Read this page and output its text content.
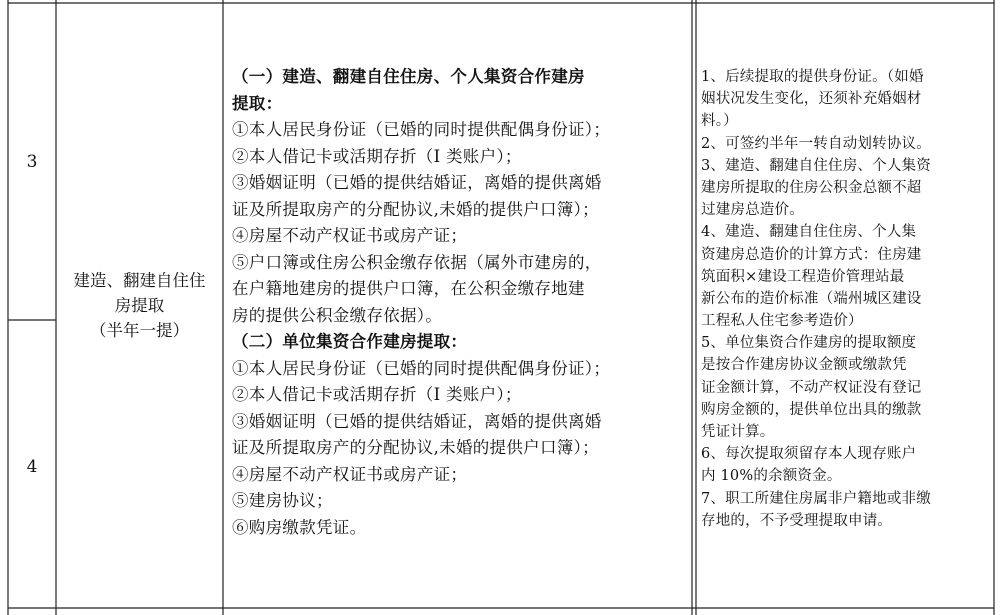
3
4
建造、翻建自住住
房提取
（半年一提）
（一）建造、翻建自住住房、个人集资合作建房
提取：
①本人居民身份证（已婚的同时提供配偶身份证）；
②本人借记卡或活期存折（I 类账户）；
③婚姻证明（已婚的提供结婚证，离婚的提供离婚
证及所提取房产的分配协议,未婚的提供户口簿）；
④房屋不动产权证书或房产证；
⑤户口簿或住房公积金缴存依据（属外市建房的，
在户籍地建房的提供户口簿，在公积金缴存地建
房的提供公积金缴存依据）。
（二）单位集资合作建房提取：
①本人居民身份证（已婚的同时提供配偶身份证）；
②本人借记卡或活期存折（I 类账户）；
③婚姻证明（已婚的提供结婚证，离婚的提供离婚
证及所提取房产的分配协议,未婚的提供户口簿）；
④房屋不动产权证书或房产证；
⑤建房协议；
⑥购房缴款凭证。
1、后续提取的提供身份证。（如婚
姻状况发生变化，还须补充婚姻材
料。）
2、可签约半年一转自动划转协议。
3、建造、翻建自住住房、个人集资
建房所提取的住房公积金总额不超
过建房总造价。
4、建造、翻建自住住房、个人集
资建房总造价的计算方式：住房建
筑面积×建设工程造价管理站最
新公布的造价标准（端州城区建设
工程私人住宅参考造价）
5、单位集资合作建房的提取额度
是按合作建房协议金额或缴款凭
证金额计算，不动产权证没有登记
购房金额的，提供单位出具的缴款
凭证计算。
6、每次提取须留存本人现存账户
内 10%的余额资金。
7、职工所建住房属非户籍地或非缴
存地的，不予受理提取申请。
